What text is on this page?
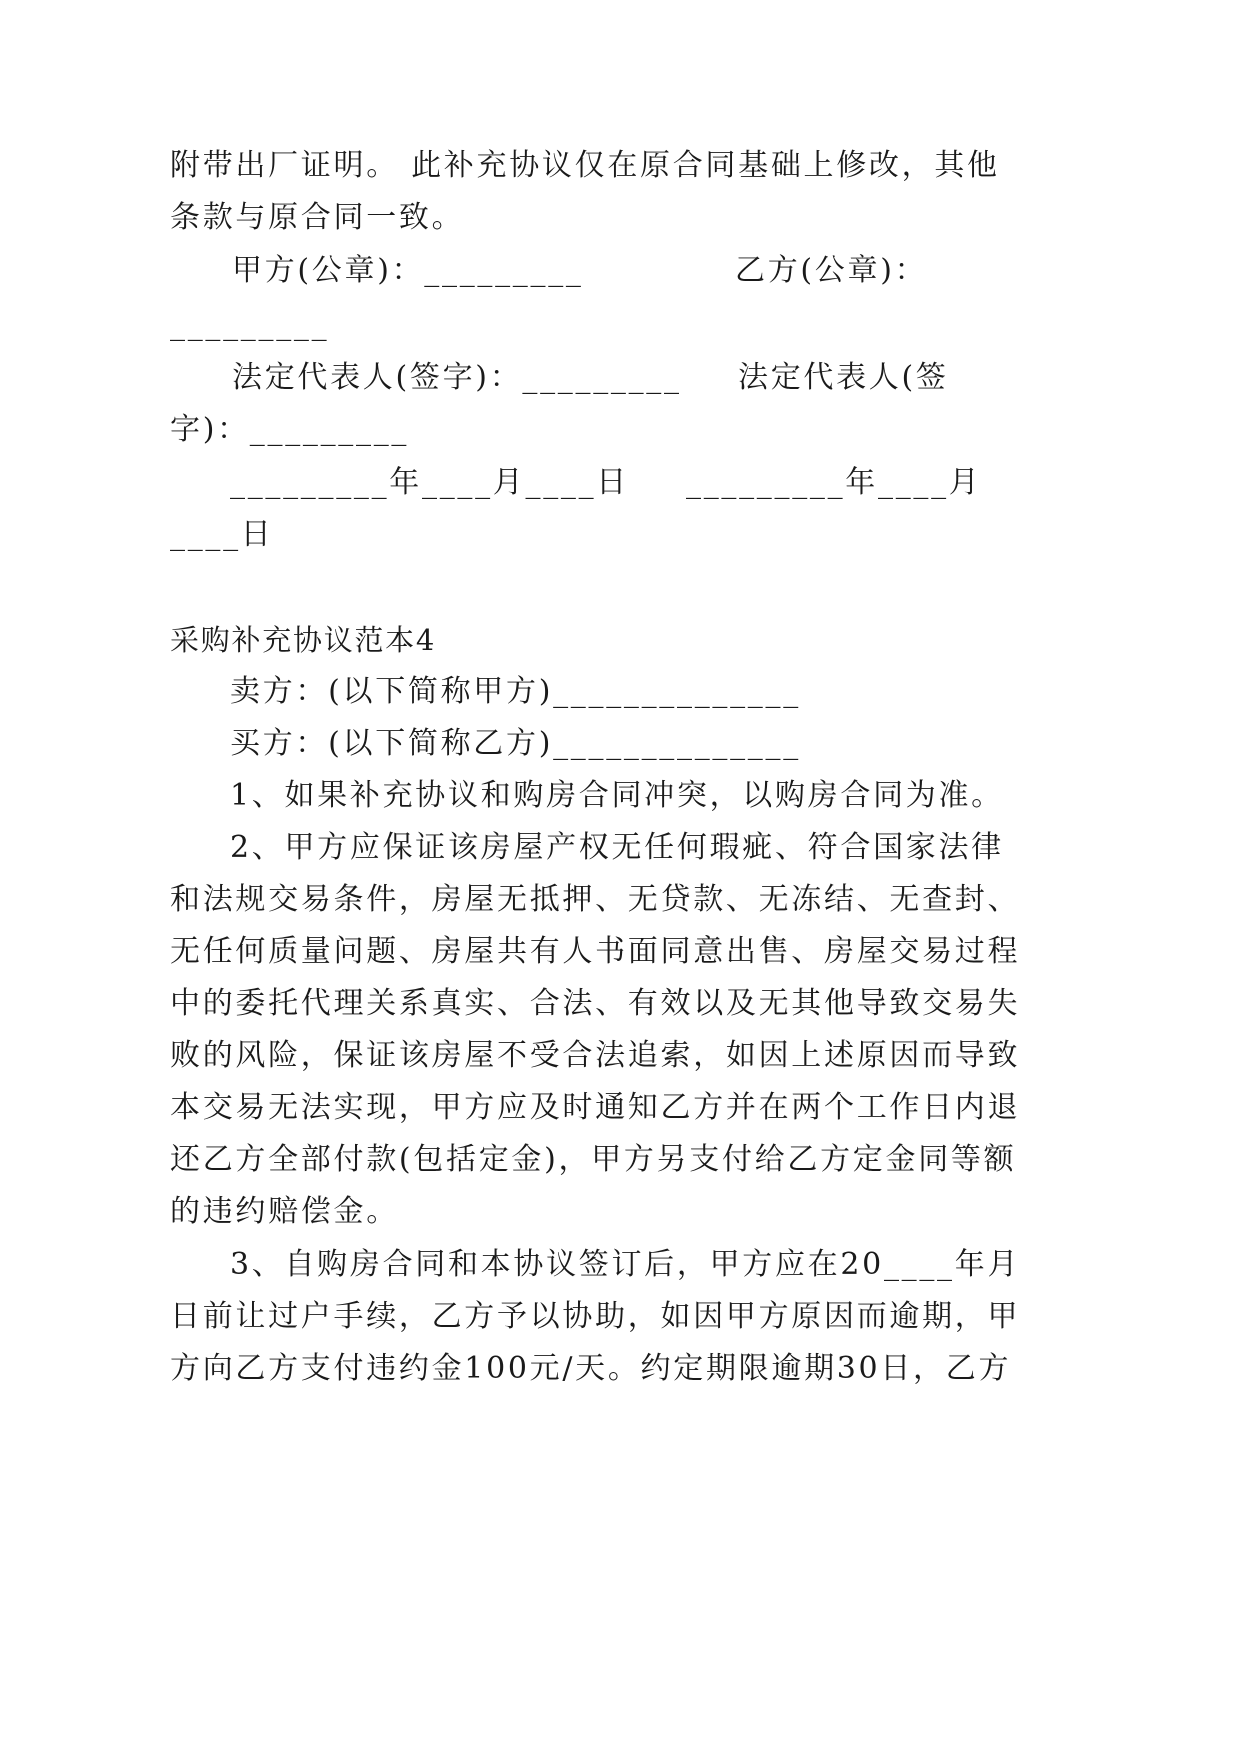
附带出厂证明。 此补充协议仅在原合同基础上修改，其他
条款与原合同一致。
甲方(公章)：_________	乙方(公章)：
_________
法定代表人(签字)：_________ 法定代表人(签
字)：_________
_________年____月____日 _________年____月
____日
采购补充协议范本4
卖方：(以下简称甲方)______________
买方：(以下简称乙方)______________
1、如果补充协议和购房合同冲突，以购房合同为准。
2、甲方应保证该房屋产权无任何瑕疵、符合国家法律
和法规交易条件，房屋无抵押、无贷款、无冻结、无查封、
无任何质量问题、房屋共有人书面同意出售、房屋交易过程
中的委托代理关系真实、合法、有效以及无其他导致交易失
败的风险，保证该房屋不受合法追索，如因上述原因而导致
本交易无法实现，甲方应及时通知乙方并在两个工作日内退
还乙方全部付款(包括定金)，甲方另支付给乙方定金同等额
的违约赔偿金。
3、自购房合同和本协议签订后，甲方应在20____年月
日前让过户手续，乙方予以协助，如因甲方原因而逾期，甲
方向乙方支付违约金100元/天。约定期限逾期30日，乙方
